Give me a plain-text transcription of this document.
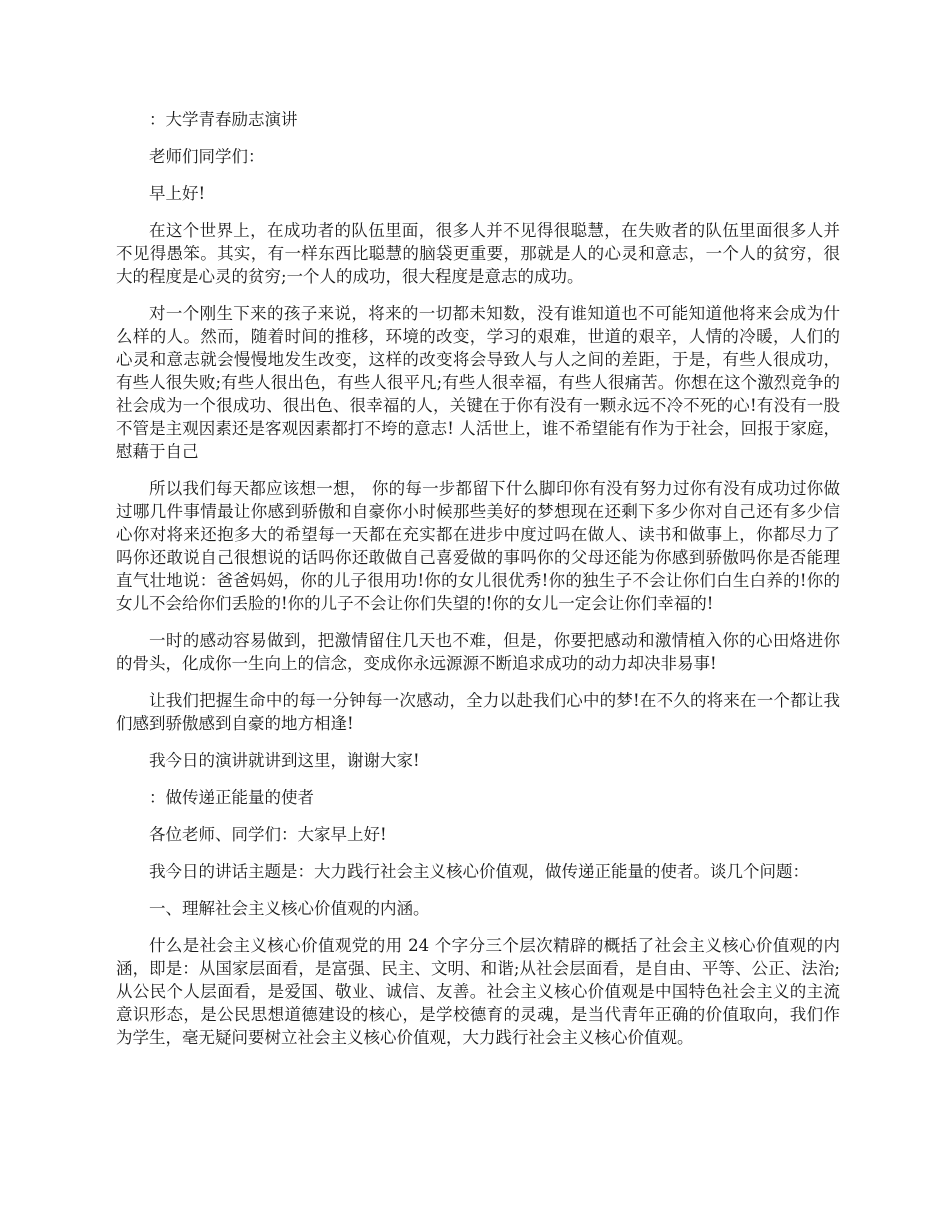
：大学青春励志演讲

老师们同学们：

早上好!

在这个世界上，在成功者的队伍里面，很多人并不见得很聪慧，在失败者的队伍里面很多人并不见得愚笨。其实，有一样东西比聪慧的脑袋更重要，那就是人的心灵和意志，一个人的贫穷，很大的程度是心灵的贫穷;一个人的成功，很大程度是意志的成功。

对一个刚生下来的孩子来说，将来的一切都未知数，没有谁知道也不可能知道他将来会成为什么样的人。然而，随着时间的推移，环境的改变，学习的艰难，世道的艰辛，人情的冷暖，人们的心灵和意志就会慢慢地发生改变，这样的改变将会导致人与人之间的差距，于是，有些人很成功，有些人很失败;有些人很出色，有些人很平凡;有些人很幸福，有些人很痛苦。你想在这个激烈竞争的社会成为一个很成功、很出色、很幸福的人，关键在于你有没有一颗永远不冷不死的心!有没有一股不管是主观因素还是客观因素都打不垮的意志! 人活世上，谁不希望能有作为于社会，回报于家庭，慰藉于自己

所以我们每天都应该想一想， 你的每一步都留下什么脚印你有没有努力过你有没有成功过你做过哪几件事情最让你感到骄傲和自豪你小时候那些美好的梦想现在还剩下多少你对自己还有多少信心你对将来还抱多大的希望每一天都在充实都在进步中度过吗在做人、读书和做事上，你都尽力了吗你还敢说自己很想说的话吗你还敢做自己喜爱做的事吗你的父母还能为你感到骄傲吗你是否能理直气壮地说：爸爸妈妈，你的儿子很用功!你的女儿很优秀!你的独生子不会让你们白生白养的!你的女儿不会给你们丢脸的!你的儿子不会让你们失望的!你的女儿一定会让你们幸福的!

一时的感动容易做到，把激情留住几天也不难，但是，你要把感动和激情植入你的心田烙进你的骨头，化成你一生向上的信念，变成你永远源源不断追求成功的动力却决非易事!

让我们把握生命中的每一分钟每一次感动，全力以赴我们心中的梦!在不久的将来在一个都让我们感到骄傲感到自豪的地方相逢!

我今日的演讲就讲到这里，谢谢大家!

：做传递正能量的使者

各位老师、同学们：大家早上好!

我今日的讲话主题是：大力践行社会主义核心价值观，做传递正能量的使者。谈几个问题：

一、理解社会主义核心价值观的内涵。

什么是社会主义核心价值观党的用 24 个字分三个层次精辟的概括了社会主义核心价值观的内涵，即是：从国家层面看，是富强、民主、文明、和谐;从社会层面看，是自由、平等、公正、法治;从公民个人层面看，是爱国、敬业、诚信、友善。社会主义核心价值观是中国特色社会主义的主流意识形态，是公民思想道德建设的核心，是学校德育的灵魂，是当代青年正确的价值取向，我们作为学生，毫无疑问要树立社会主义核心价值观，大力践行社会主义核心价值观。
